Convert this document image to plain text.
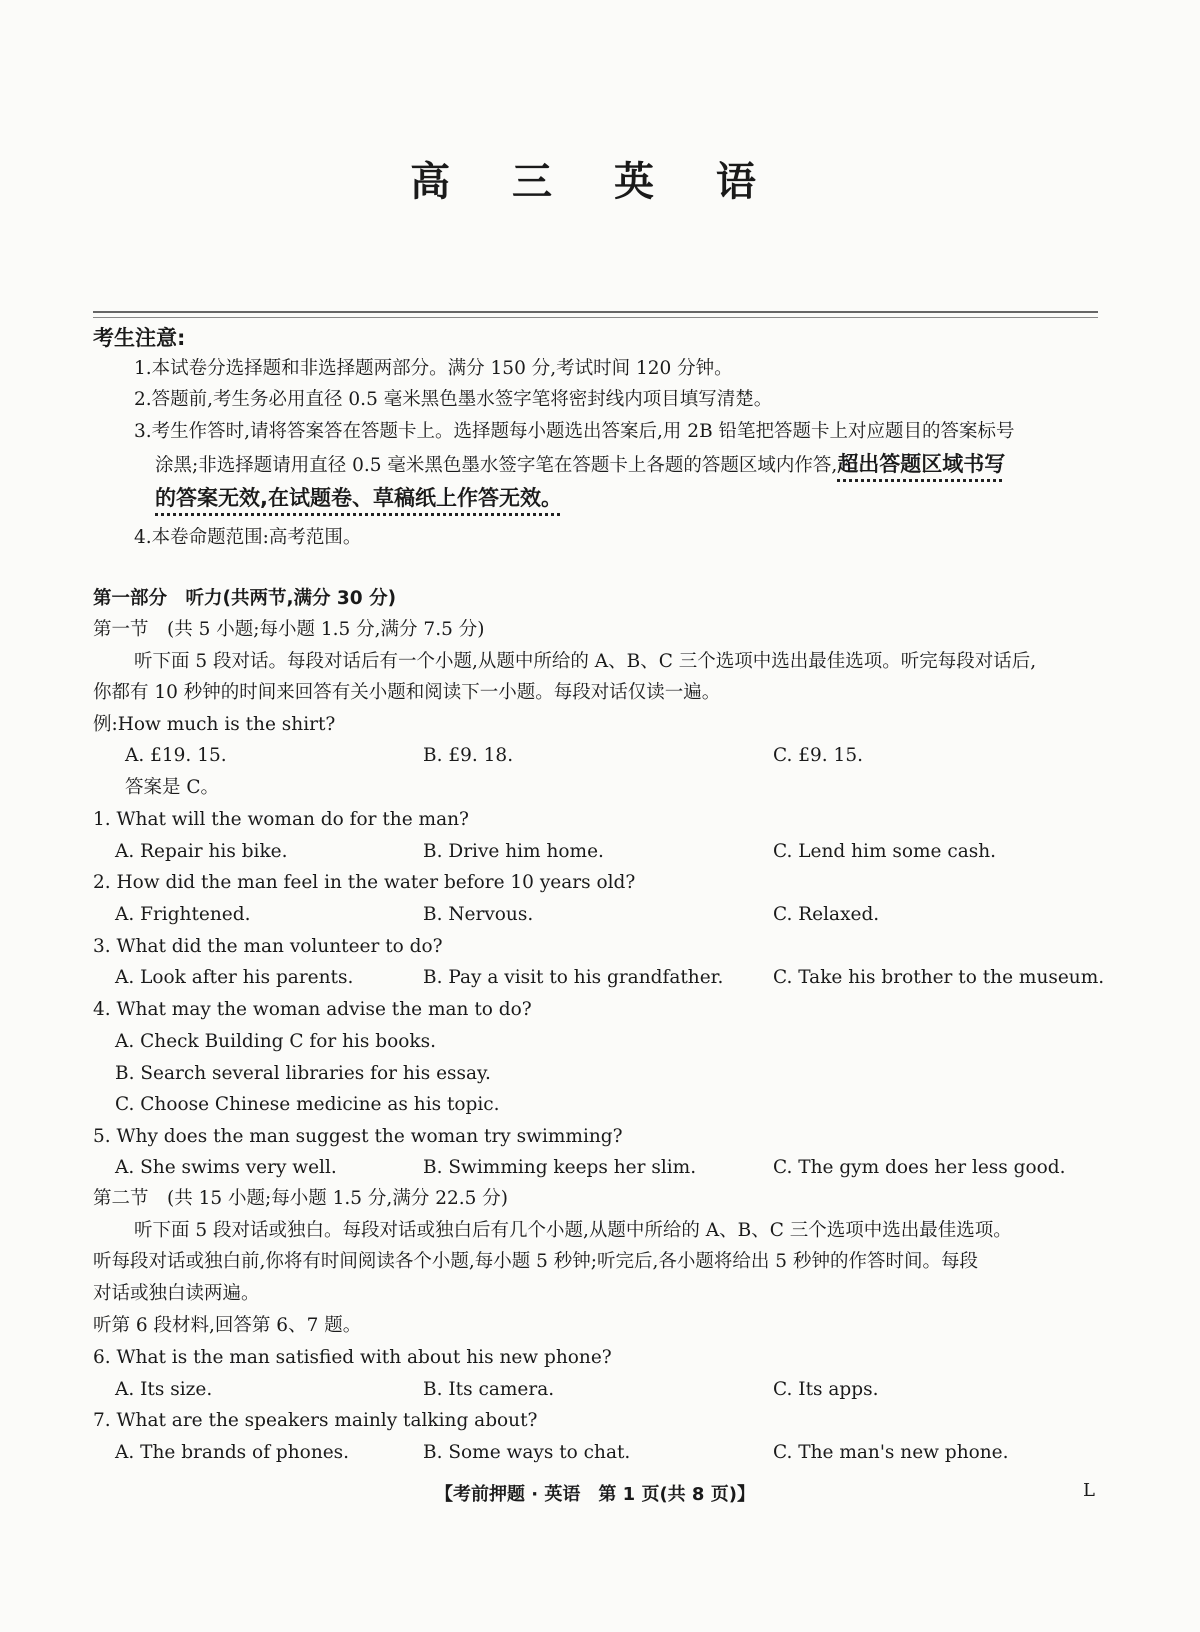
高 三 英 语
考生注意:
1.本试卷分选择题和非选择题两部分。满分 150 分,考试时间 120 分钟。
2.答题前,考生务必用直径 0.5 毫米黑色墨水签字笔将密封线内项目填写清楚。
3.考生作答时,请将答案答在答题卡上。选择题每小题选出答案后,用 2B 铅笔把答题卡上对应题目的答案标号
涂黑;非选择题请用直径 0.5 毫米黑色墨水签字笔在答题卡上各题的答题区域内作答,超出答题区域书写
的答案无效,在试题卷、草稿纸上作答无效。
4.本卷命题范围:高考范围。
第一部分　听力(共两节,满分 30 分)
第一节　(共 5 小题;每小题 1.5 分,满分 7.5 分)
听下面 5 段对话。每段对话后有一个小题,从题中所给的 A、B、C 三个选项中选出最佳选项。听完每段对话后,
你都有 10 秒钟的时间来回答有关小题和阅读下一小题。每段对话仅读一遍。
例:How much is the shirt?
A. £19. 15.	B. £9. 18.	C. £9. 15.
答案是 C。
1. What will the woman do for the man?
A. Repair his bike.	B. Drive him home.	C. Lend him some cash.
2. How did the man feel in the water before 10 years old?
A. Frightened.	B. Nervous.	C. Relaxed.
3. What did the man volunteer to do?
A. Look after his parents.	B. Pay a visit to his grandfather.	C. Take his brother to the museum.
4. What may the woman advise the man to do?
A. Check Building C for his books.
B. Search several libraries for his essay.
C. Choose Chinese medicine as his topic.
5. Why does the man suggest the woman try swimming?
A. She swims very well.	B. Swimming keeps her slim.	C. The gym does her less good.
第二节　(共 15 小题;每小题 1.5 分,满分 22.5 分)
听下面 5 段对话或独白。每段对话或独白后有几个小题,从题中所给的 A、B、C 三个选项中选出最佳选项。
听每段对话或独白前,你将有时间阅读各个小题,每小题 5 秒钟;听完后,各小题将给出 5 秒钟的作答时间。每段
对话或独白读两遍。
听第 6 段材料,回答第 6、7 题。
6. What is the man satisfied with about his new phone?
A. Its size.	B. Its camera.	C. Its apps.
7. What are the speakers mainly talking about?
A. The brands of phones.	B. Some ways to chat.	C. The man's new phone.
【考前押题 · 英语　第 1 页(共 8 页)】	L
